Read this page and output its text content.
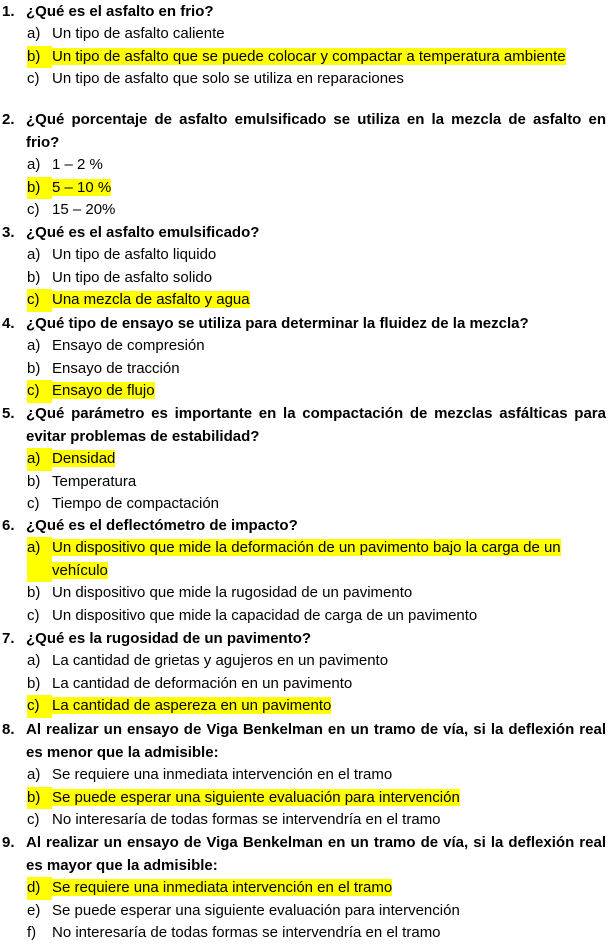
1. ¿Qué es el asfalto en frio?
a) Un tipo de asfalto caliente
b) Un tipo de asfalto que se puede colocar y compactar a temperatura ambiente
c) Un tipo de asfalto que solo se utiliza en reparaciones
2. ¿Qué porcentaje de asfalto emulsificado se utiliza en la mezcla de asfalto en frio?
a) 1 – 2 %
b) 5 – 10 %
c) 15 – 20%
3. ¿Qué es el asfalto emulsificado?
a) Un tipo de asfalto liquido
b) Un tipo de asfalto solido
c) Una mezcla de asfalto y agua
4. ¿Qué tipo de ensayo se utiliza para determinar la fluidez de la mezcla?
a) Ensayo de compresión
b) Ensayo de tracción
c) Ensayo de flujo
5. ¿Qué parámetro es importante en la compactación de mezclas asfálticas para evitar problemas de estabilidad?
a) Densidad
b) Temperatura
c) Tiempo de compactación
6. ¿Qué es el deflectómetro de impacto?
a) Un dispositivo que mide la deformación de un pavimento bajo la carga de un vehículo
b) Un dispositivo que mide la rugosidad de un pavimento
c) Un dispositivo que mide la capacidad de carga de un pavimento
7. ¿Qué es la rugosidad de un pavimento?
a) La cantidad de grietas y agujeros en un pavimento
b) La cantidad de deformación en un pavimento
c) La cantidad de aspereza en un pavimento
8. Al realizar un ensayo de Viga Benkelman en un tramo de vía, si la deflexión real es menor que la admisible:
a) Se requiere una inmediata intervención en el tramo
b) Se puede esperar una siguiente evaluación para intervención
c) No interesaría de todas formas se intervendría en el tramo
9. Al realizar un ensayo de Viga Benkelman en un tramo de vía, si la deflexión real es mayor que la admisible:
d) Se requiere una inmediata intervención en el tramo
e) Se puede esperar una siguiente evaluación para intervención
f)	No interesaría de todas formas se intervendría en el tramo
